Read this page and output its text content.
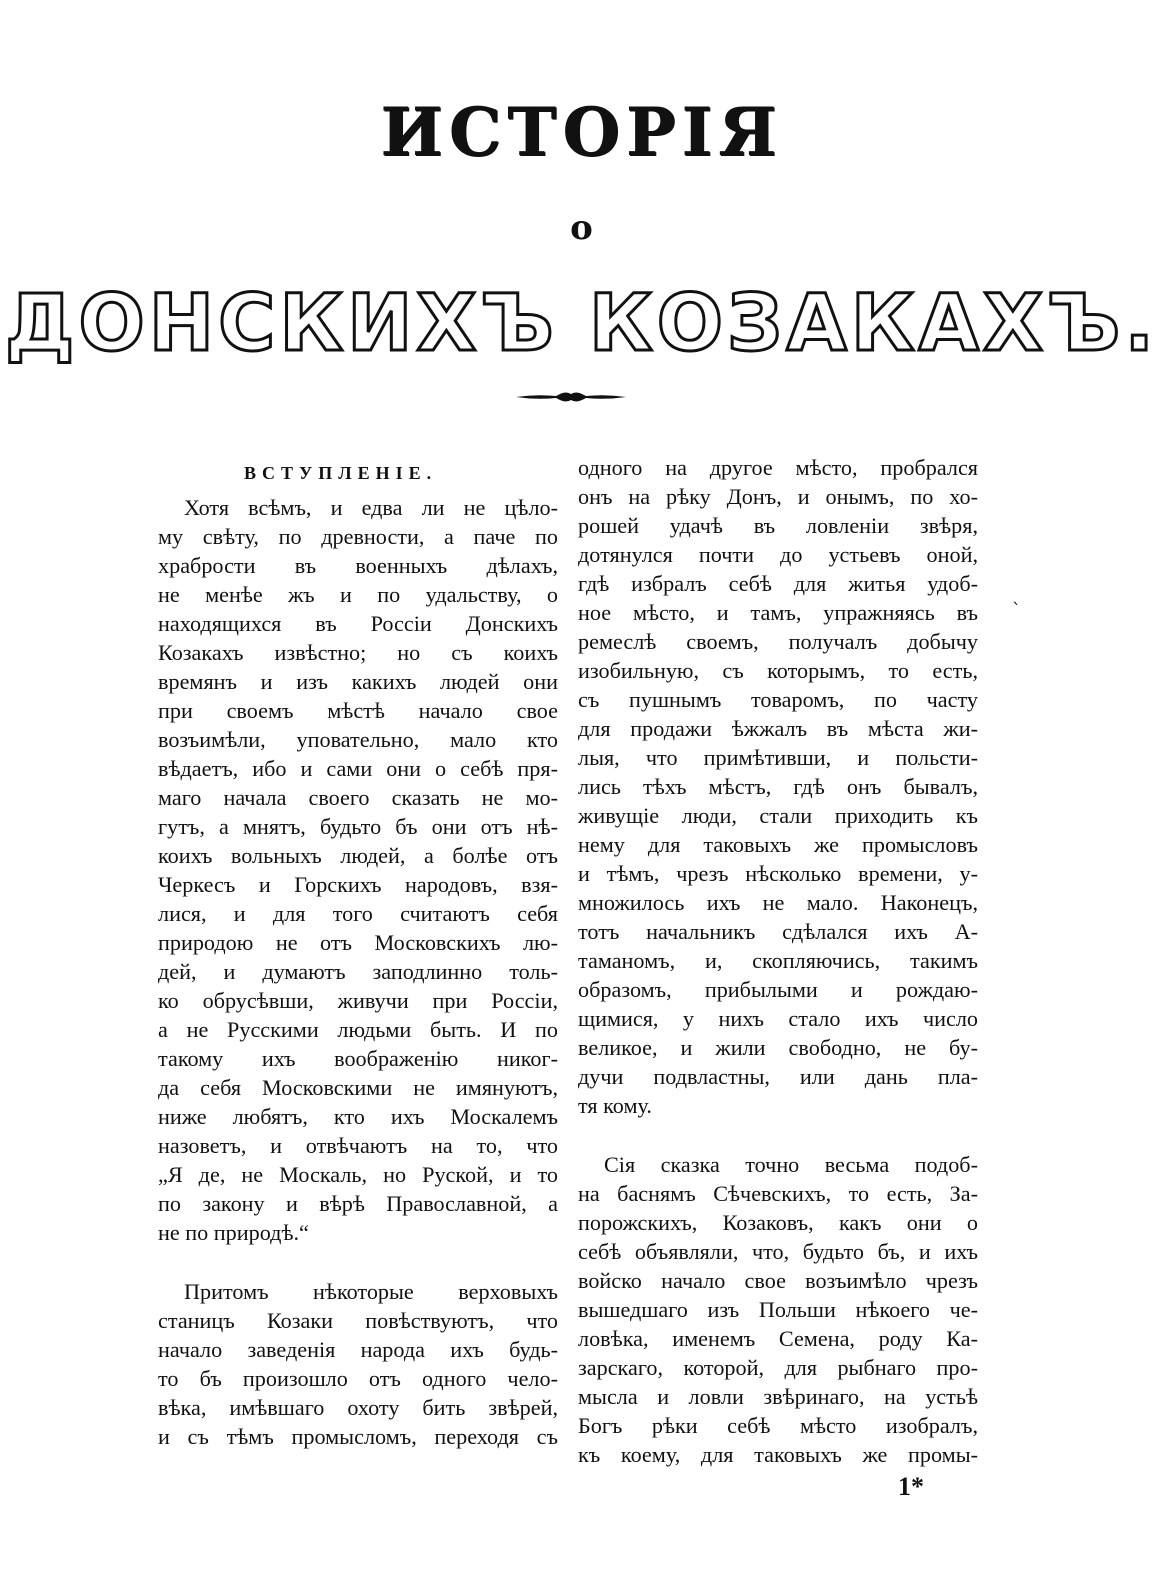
ИСТОРІЯ
о
ДОНСКИХЪ КОЗАКАХЪ.
ВСТУПЛЕНІЕ.
Хотя всѣмъ, и едва ли не цѣло-
му свѣту, по древности, а паче по
храбрости въ военныхъ дѣлахъ,
не менѣе жъ и по удальству, о
находящихся въ Россіи Донскихъ
Козакахъ извѣстно; но съ коихъ
времянъ и изъ какихъ людей они
при своемъ мѣстѣ начало свое
возъимѣли, уповательно, мало кто
вѣдаетъ, ибо и сами они о себѣ пря-
маго начала своего сказать не мо-
гутъ, а мнятъ, будьто бъ они отъ нѣ-
коихъ вольныхъ людей, а болѣе отъ
Черкесъ и Горскихъ народовъ, взя-
лися, и для того считаютъ себя
природою не отъ Московскихъ лю-
дей, и думаютъ заподлинно толь-
ко обрусѣвши, живучи при Россіи,
а не Русскими людьми быть. И по
такому ихъ воображенію никог-
да себя Московскими не имянуютъ,
ниже любятъ, кто ихъ Москалемъ
назоветъ, и отвѣчаютъ на то, что
„Я де, не Москаль, но Руской, и то
по закону и вѣрѣ Православной, а
не по природѣ.“
Притомъ нѣкоторые верховыхъ
станицъ Козаки повѣствуютъ, что
начало заведенія народа ихъ будь-
то бъ произошло отъ одного чело-
вѣка, имѣвшаго охоту бить звѣрей,
и съ тѣмъ промысломъ, переходя съ
одного на другое мѣсто, пробрался
онъ на рѣку Донъ, и онымъ, по хо-
рошей удачѣ въ ловленіи звѣря,
дотянулся почти до устьевъ оной,
гдѣ избралъ себѣ для житья удоб-
ное мѣсто, и тамъ, упражняясь въ
ремеслѣ своемъ, получалъ добычу
изобильную, съ которымъ, то есть,
съ пушнымъ товаромъ, по часту
для продажи ѣжжалъ въ мѣста жи-
лыя, что примѣтивши, и польсти-
лись тѣхъ мѣстъ, гдѣ онъ бывалъ,
живущіе люди, стали приходить къ
нему для таковыхъ же промысловъ
и тѣмъ, чрезъ нѣсколько времени, у-
множилось ихъ не мало. Наконецъ,
тотъ начальникъ сдѣлался ихъ А-
таманомъ, и, скопляючись, такимъ
образомъ, прибылыми и рождаю-
щимися, у нихъ стало ихъ число
великое, и жили свободно, не бу-
дучи подвластны, или дань пла-
тя кому.
Сія сказка точно весьма подоб-
на баснямъ Сѣчевскихъ, то есть, За-
порожскихъ, Козаковъ, какъ они о
себѣ объявляли, что, будьто бъ, и ихъ
войско начало свое возъимѣло чрезъ
вышедшаго изъ Польши нѣкоего че-
ловѣка, именемъ Семена, роду Ка-
зарскаго, которой, для рыбнаго про-
мысла и ловли звѣринаго, на устьѣ
Богъ рѣки себѣ мѣсто изобралъ,
къ коему, для таковыхъ же промы-
ˋ
1*
